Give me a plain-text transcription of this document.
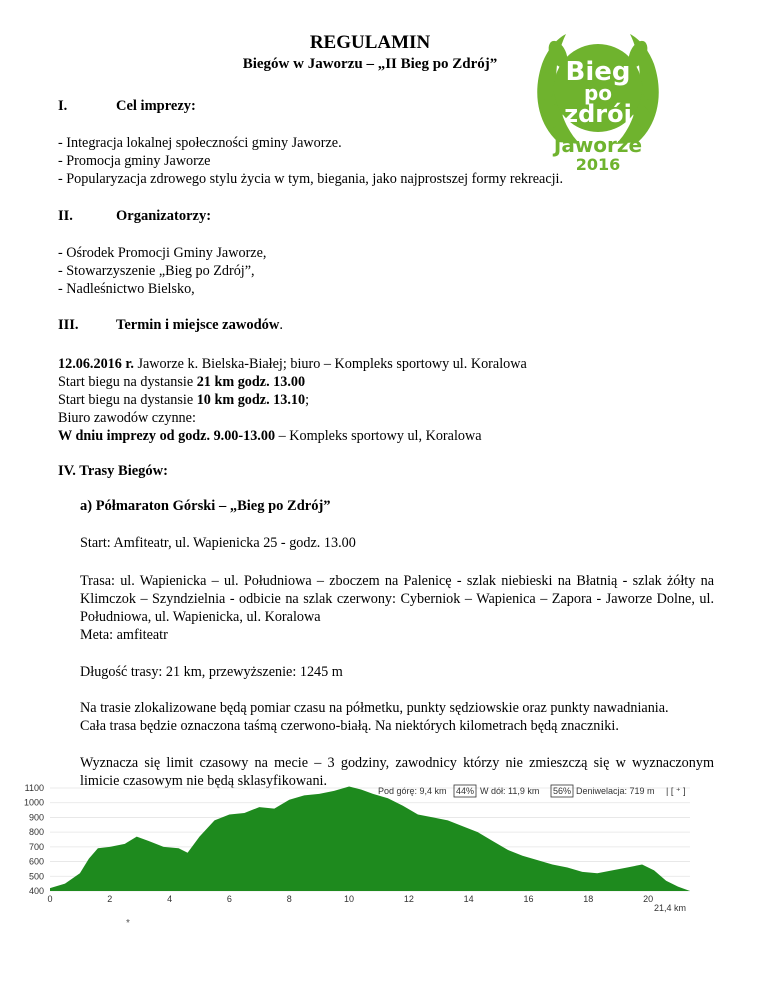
REGULAMIN
Biegów w Jaworzu – „II Bieg po Zdrój”	Bieg
po
zdrój
Jaworze
2016
I.	Cel imprezy:
- Integracja lokalnej społeczności gminy Jaworze.
- Promocja gminy Jaworze
- Popularyzacja zdrowego stylu życia w tym, biegania, jako najprostszej formy rekreacji.
II.	Organizatorzy:
- Ośrodek Promocji Gminy Jaworze,
- Stowarzyszenie „Bieg po Zdrój”,
- Nadleśnictwo Bielsko,
III.	Termin i miejsce zawodów.
12.06.2016 r. Jaworze k. Bielska-Białej; biuro – Kompleks sportowy ul. Koralowa
Start biegu na dystansie 21 km godz. 13.00
Start biegu na dystansie 10 km godz. 13.10;
Biuro zawodów czynne:
W dniu imprezy od godz. 9.00-13.00 – Kompleks sportowy ul, Koralowa
IV. Trasy Biegów:
a) Półmaraton Górski – „Bieg po Zdrój”
Start: Amfiteatr, ul. Wapienicka 25 - godz. 13.00
Trasa: ul. Wapienicka – ul. Południowa – zboczem na Palenicę - szlak niebieski na Błatnią - szlak żółty na Klimczok – Szyndzielnia - odbicie na szlak czerwony: Cyberniok – Wapienica – Zapora - Jaworze Dolne, ul. Południowa, ul. Wapienicka, ul. Koralowa
Meta: amfiteatr
Długość trasy: 21 km, przewyższenie: 1245 m
Na trasie zlokalizowane będą pomiar czasu na półmetku, punkty sędziowskie oraz punkty nawadniania.
Cała trasa będzie oznaczona taśmą czerwono-białą. Na niektórych kilometrach będą znaczniki.
Wyznacza się limit czasowy na mecie – 3 godziny, zawodnicy którzy nie zmieszczą się w wyznaczonym limicie czasowym nie będą sklasyfikowani.
400
500
600
700
800
900
1000
1100
0	2	4	6	8	10	12	14	16	18	20
21,4 km
*
Pod górę: 9,4 km 44% W dół: 11,9 km 56% Deniwelacja: 719 m | [ ⁺ ]
